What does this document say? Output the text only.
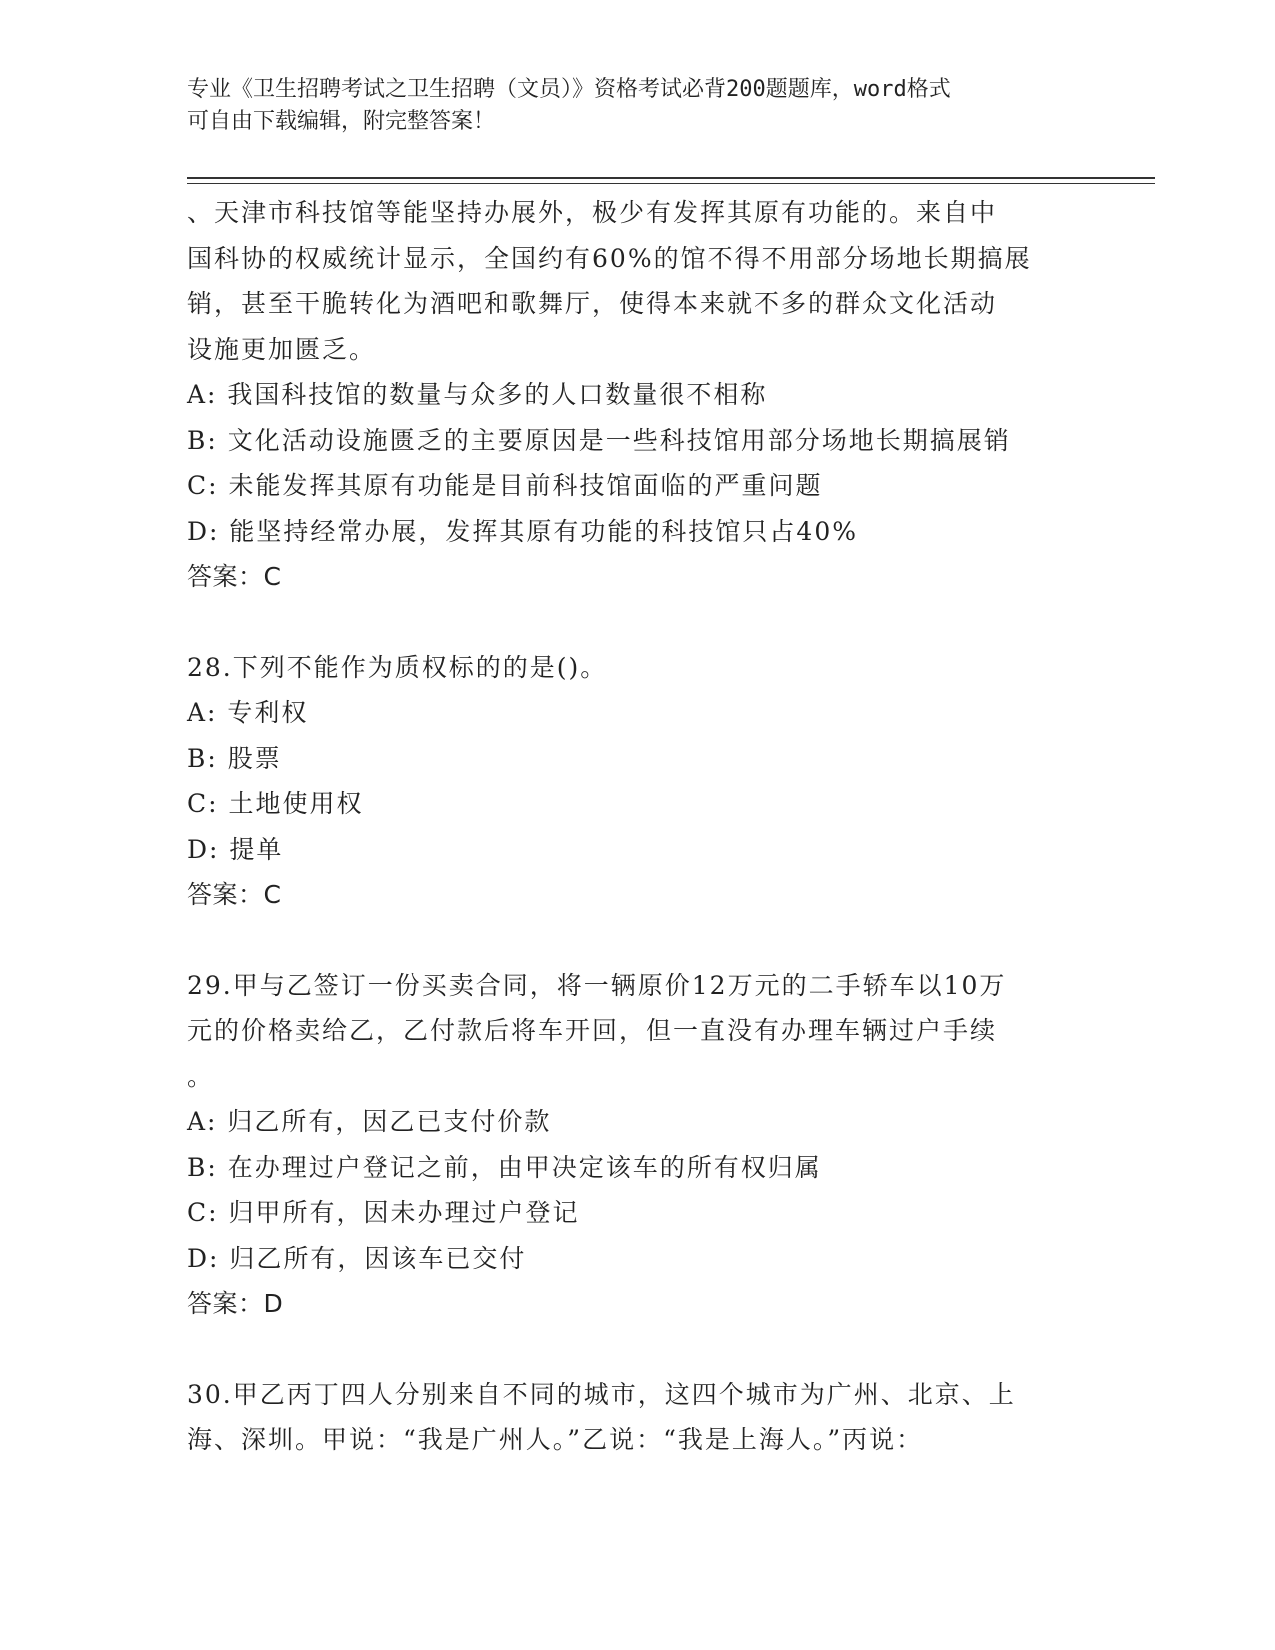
专业《卫生招聘考试之卫生招聘（文员）》资格考试必背200题题库，word格式
可自由下载编辑，附完整答案！

、天津市科技馆等能坚持办展外，极少有发挥其原有功能的。来自中

国科协的权威统计显示，全国约有60%的馆不得不用部分场地长期搞展

销，甚至干脆转化为酒吧和歌舞厅，使得本来就不多的群众文化活动

设施更加匮乏。

A: 我国科技馆的数量与众多的人口数量很不相称

B: 文化活动设施匮乏的主要原因是一些科技馆用部分场地长期搞展销

C: 未能发挥其原有功能是目前科技馆面临的严重问题

D: 能坚持经常办展，发挥其原有功能的科技馆只占40%

答案：C

28.下列不能作为质权标的的是()。

A: 专利权

B: 股票

C: 土地使用权

D: 提单

答案：C

29.甲与乙签订一份买卖合同，将一辆原价12万元的二手轿车以10万

元的价格卖给乙，乙付款后将车开回，但一直没有办理车辆过户手续

。

A: 归乙所有，因乙已支付价款

B: 在办理过户登记之前，由甲决定该车的所有权归属

C: 归甲所有，因未办理过户登记

D: 归乙所有，因该车已交付

答案：D

30.甲乙丙丁四人分别来自不同的城市，这四个城市为广州、北京、上

海、深圳。甲说：“我是广州人。”乙说：“我是上海人。”丙说：
